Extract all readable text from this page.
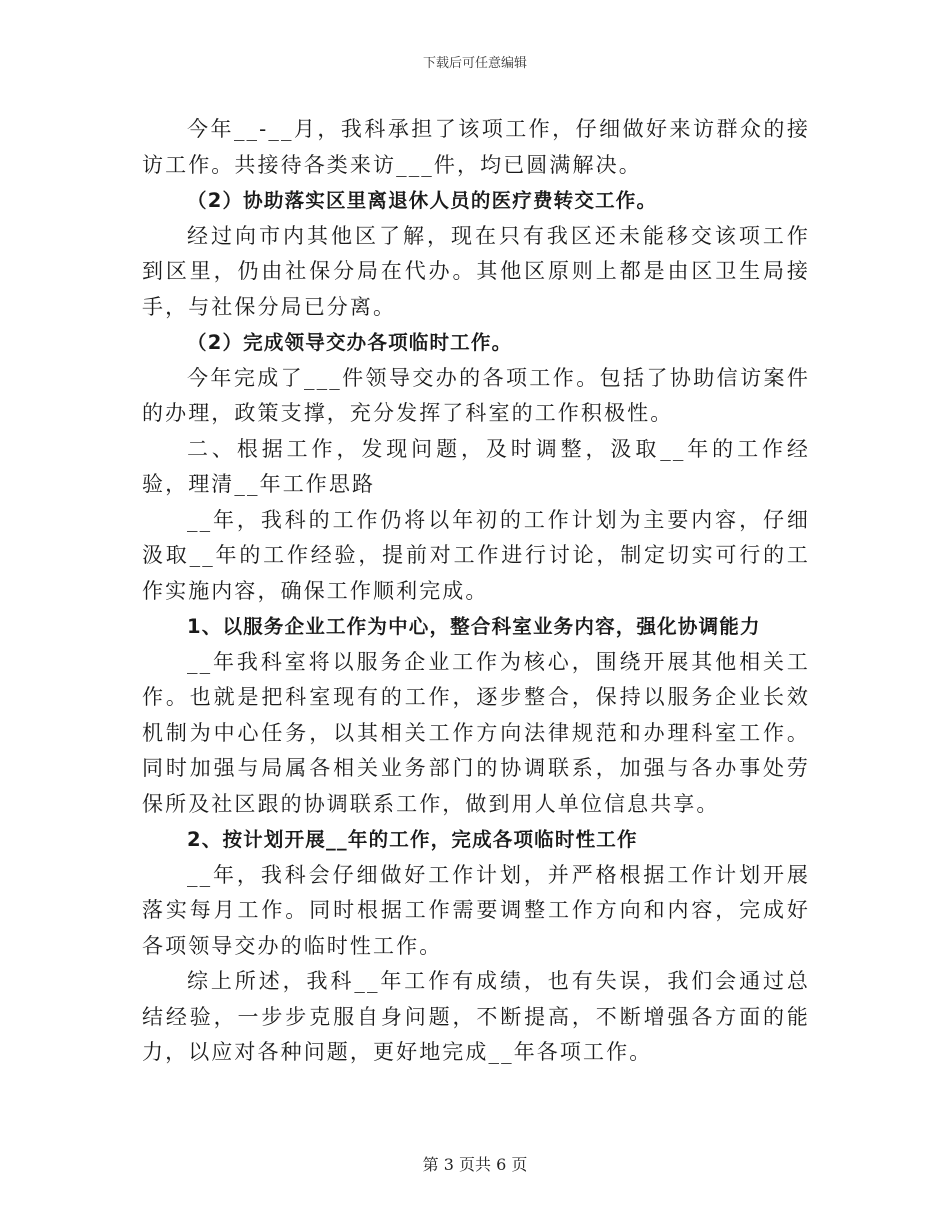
下载后可任意编辑

今年__-__月，我科承担了该项工作，仔细做好来访群众的接访工作。共接待各类来访___件，均已圆满解决。

（2）协助落实区里离退休人员的医疗费转交工作。

经过向市内其他区了解，现在只有我区还未能移交该项工作到区里，仍由社保分局在代办。其他区原则上都是由区卫生局接手，与社保分局已分离。

（2）完成领导交办各项临时工作。

今年完成了___件领导交办的各项工作。包括了协助信访案件的办理，政策支撑，充分发挥了科室的工作积极性。

二、根据工作，发现问题，及时调整，汲取__年的工作经验，理清__年工作思路

__年，我科的工作仍将以年初的工作计划为主要内容，仔细汲取__年的工作经验，提前对工作进行讨论，制定切实可行的工作实施内容，确保工作顺利完成。

1、以服务企业工作为中心，整合科室业务内容，强化协调能力

__年我科室将以服务企业工作为核心，围绕开展其他相关工作。也就是把科室现有的工作，逐步整合，保持以服务企业长效机制为中心任务，以其相关工作方向法律规范和办理科室工作。同时加强与局属各相关业务部门的协调联系，加强与各办事处劳保所及社区跟的协调联系工作，做到用人单位信息共享。

2、按计划开展__年的工作，完成各项临时性工作

__年，我科会仔细做好工作计划，并严格根据工作计划开展落实每月工作。同时根据工作需要调整工作方向和内容，完成好各项领导交办的临时性工作。

综上所述，我科__年工作有成绩，也有失误，我们会通过总结经验，一步步克服自身问题，不断提高，不断增强各方面的能力，以应对各种问题，更好地完成__年各项工作。

第 3 页共 6 页
